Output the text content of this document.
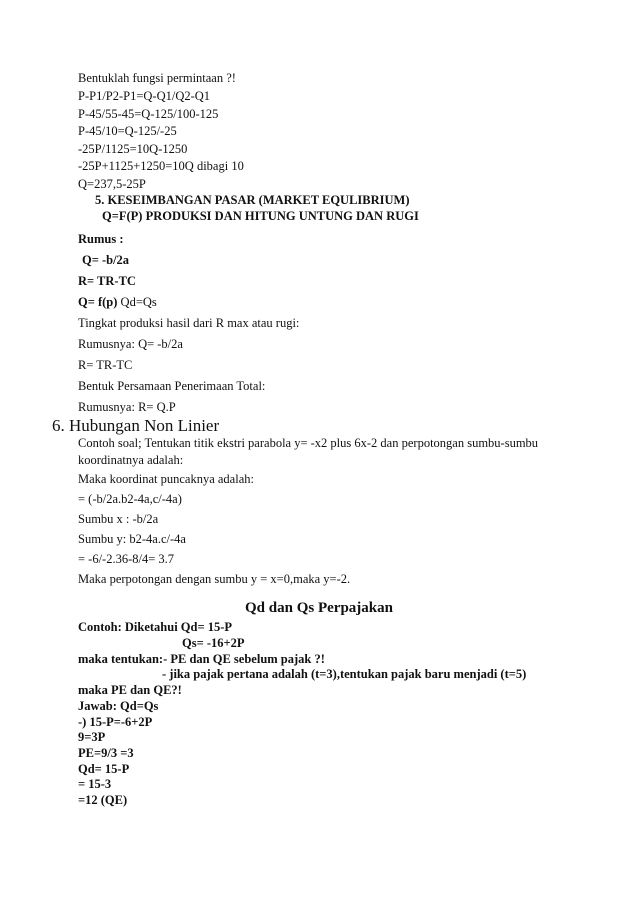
Bentuklah fungsi permintaan ?!
P-P1/P2-P1=Q-Q1/Q2-Q1
P-45/55-45=Q-125/100-125
P-45/10=Q-125/-25
-25P/1125=10Q-1250
-25P+1125+1250=10Q dibagi 10
Q=237,5-25P
5. KESEIMBANGAN PASAR (MARKET EQULIBRIUM)
Q=F(P) PRODUKSI DAN HITUNG UNTUNG DAN RUGI
Rumus :
Q= -b/2a
R= TR-TC
Q= f(p) Qd=Qs
Tingkat produksi hasil dari R max atau rugi:
Rumusnya: Q= -b/2a
R= TR-TC
Bentuk Persamaan Penerimaan Total:
Rumusnya: R= Q.P
6. Hubungan Non Linier
Contoh soal; Tentukan titik ekstri parabola y= -x2 plus 6x-2 dan perpotongan sumbu-sumbu
koordinatnya adalah:
Maka koordinat puncaknya adalah:
= (-b/2a.b2-4a,c/-4a)
Sumbu x : -b/2a
Sumbu y: b2-4a.c/-4a
= -6/-2.36-8/4= 3.7
Maka perpotongan dengan sumbu y = x=0,maka y=-2.
Qd dan Qs Perpajakan
Contoh: Diketahui Qd= 15-P
Qs= -16+2P
maka tentukan:- PE dan QE sebelum pajak ?!
- jika pajak pertana adalah (t=3),tentukan pajak baru menjadi (t=5)
maka PE dan QE?!
Jawab: Qd=Qs
-) 15-P=-6+2P
9=3P
PE=9/3 =3
Qd= 15-P
= 15-3
=12 (QE)
